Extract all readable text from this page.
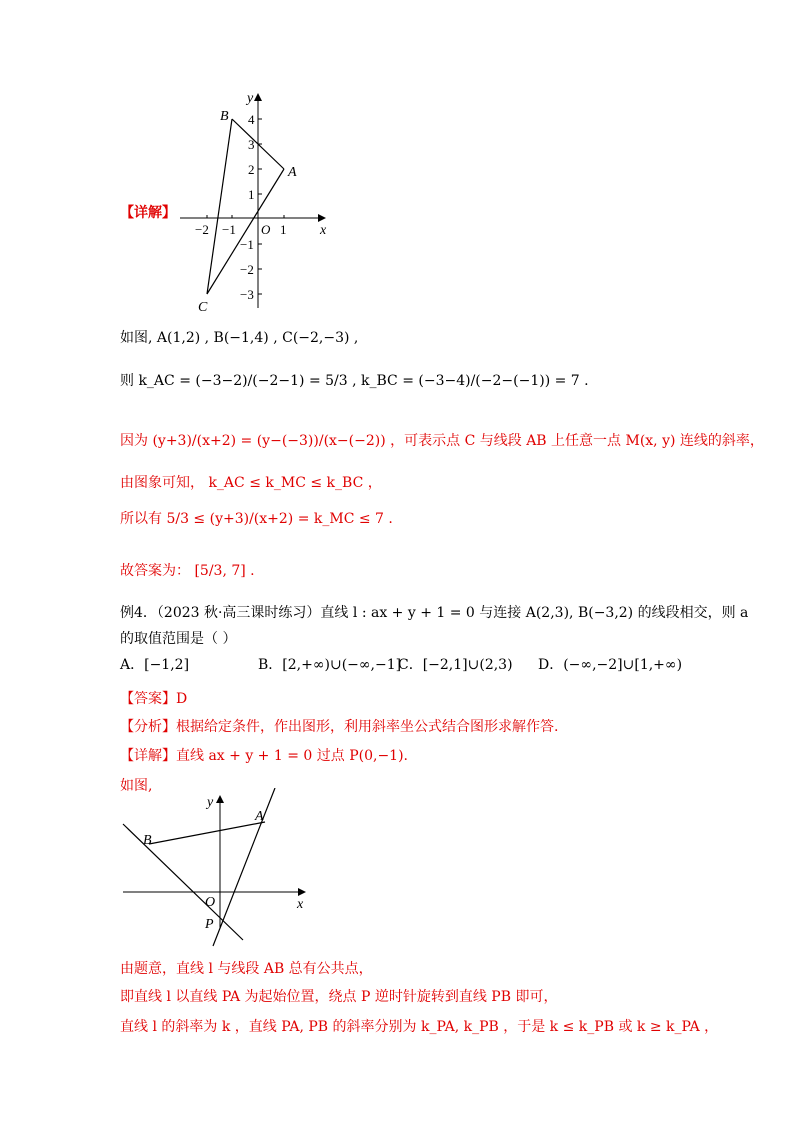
y
x
O
−2 −1	1
4
3
2
1
−1
−2
−3
B
A
C
【详解】
如图, A(1,2) , B(−1,4) , C(−2,−3) ,
则 k_AC = (−3−2)/(−2−1) = 5/3 , k_BC = (−3−4)/(−2−(−1)) = 7 .
因为 (y+3)/(x+2) = (y−(−3))/(x−(−2)) ，可表示点 C 与线段 AB 上任意一点 M(x, y) 连线的斜率，
由图象可知， k_AC ≤ k_MC ≤ k_BC ，
所以有 5/3 ≤ (y+3)/(x+2) = k_MC ≤ 7 .
故答案为： [5/3, 7] .
例4．（2023 秋·高三课时练习）直线 l : ax + y + 1 = 0 与连接 A(2,3), B(−3,2) 的线段相交，则 a
的取值范围是（ ）
A．[−1,2]	B．[2,+∞)∪(−∞,−1]
C．[−2,1]∪(2,3) D．(−∞,−2]∪[1,+∞)
【答案】D
【分析】根据给定条件，作出图形，利用斜率坐公式结合图形求解作答.
【详解】直线 ax + y + 1 = 0 过点 P(0,−1).
如图,
y
x
O
A
B
P
由题意，直线 l 与线段 AB 总有公共点，
即直线 l 以直线 PA 为起始位置，绕点 P 逆时针旋转到直线 PB 即可，
直线 l 的斜率为 k ，直线 PA, PB 的斜率分别为 k_PA, k_PB ，于是 k ≤ k_PB 或 k ≥ k_PA ，
